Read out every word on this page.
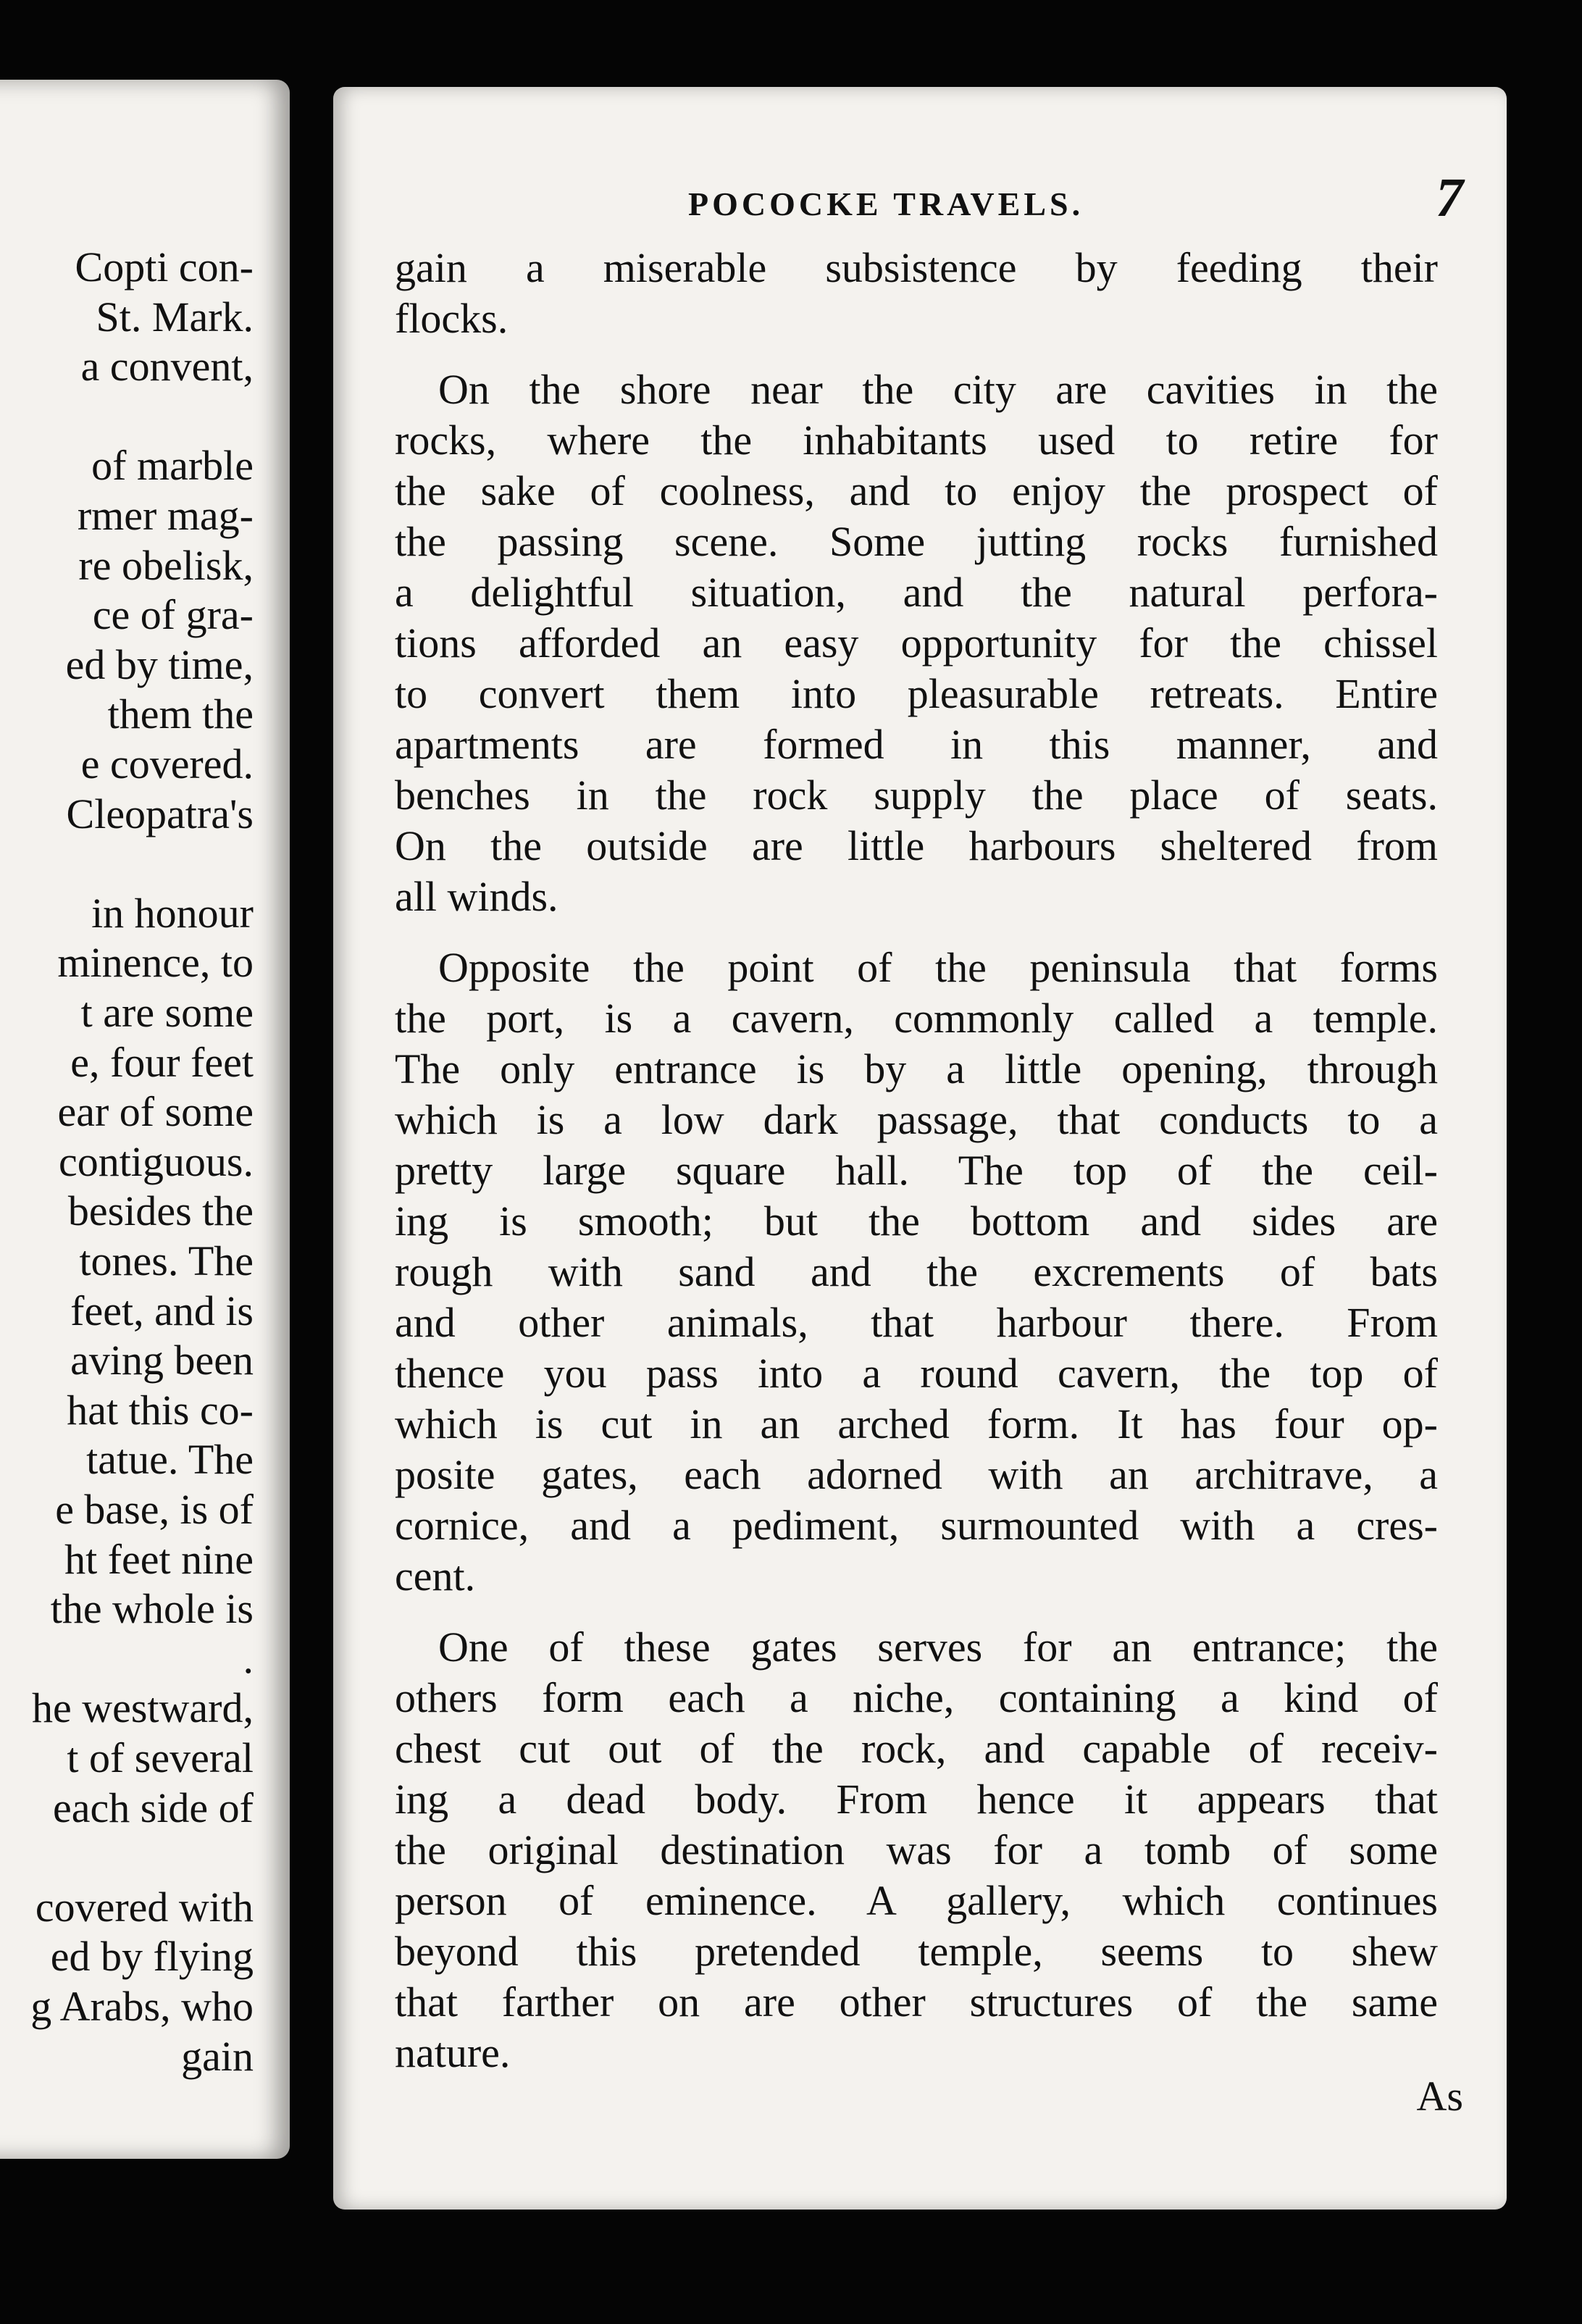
Copti con-
St. Mark.
a convent,
of marble
rmer mag-
re obelisk,
ce of gra-
ed by time,
them the
e covered.
Cleopatra's
in honour
minence, to
t are some
e, four feet
ear of some
contiguous.
besides the
tones. The
feet, and is
aving been
hat this co-
tatue. The
e base, is of
ht feet nine
the whole is
.
he westward,
t of several
each side of
covered with
ed by flying
g Arabs, who
gain
POCOCKE TRAVELS.	7
gain a miserable subsistence by feeding their
flocks.
On the shore near the city are cavities in the
rocks, where the inhabitants used to retire for
the sake of coolness, and to enjoy the prospect of
the passing scene. Some jutting rocks furnished
a delightful situation, and the natural perfora-
tions afforded an easy opportunity for the chissel
to convert them into pleasurable retreats. Entire
apartments are formed in this manner, and
benches in the rock supply the place of seats.
On the outside are little harbours sheltered from
all winds.
Opposite the point of the peninsula that forms
the port, is a cavern, commonly called a temple.
The only entrance is by a little opening, through
which is a low dark passage, that conducts to a
pretty large square hall. The top of the ceil-
ing is smooth; but the bottom and sides are
rough with sand and the excrements of bats
and other animals, that harbour there. From
thence you pass into a round cavern, the top of
which is cut in an arched form. It has four op-
posite gates, each adorned with an architrave, a
cornice, and a pediment, surmounted with a cres-
cent.
One of these gates serves for an entrance; the
others form each a niche, containing a kind of
chest cut out of the rock, and capable of receiv-
ing a dead body. From hence it appears that
the original destination was for a tomb of some
person of eminence. A gallery, which continues
beyond this pretended temple, seems to shew
that farther on are other structures of the same
nature.
As
